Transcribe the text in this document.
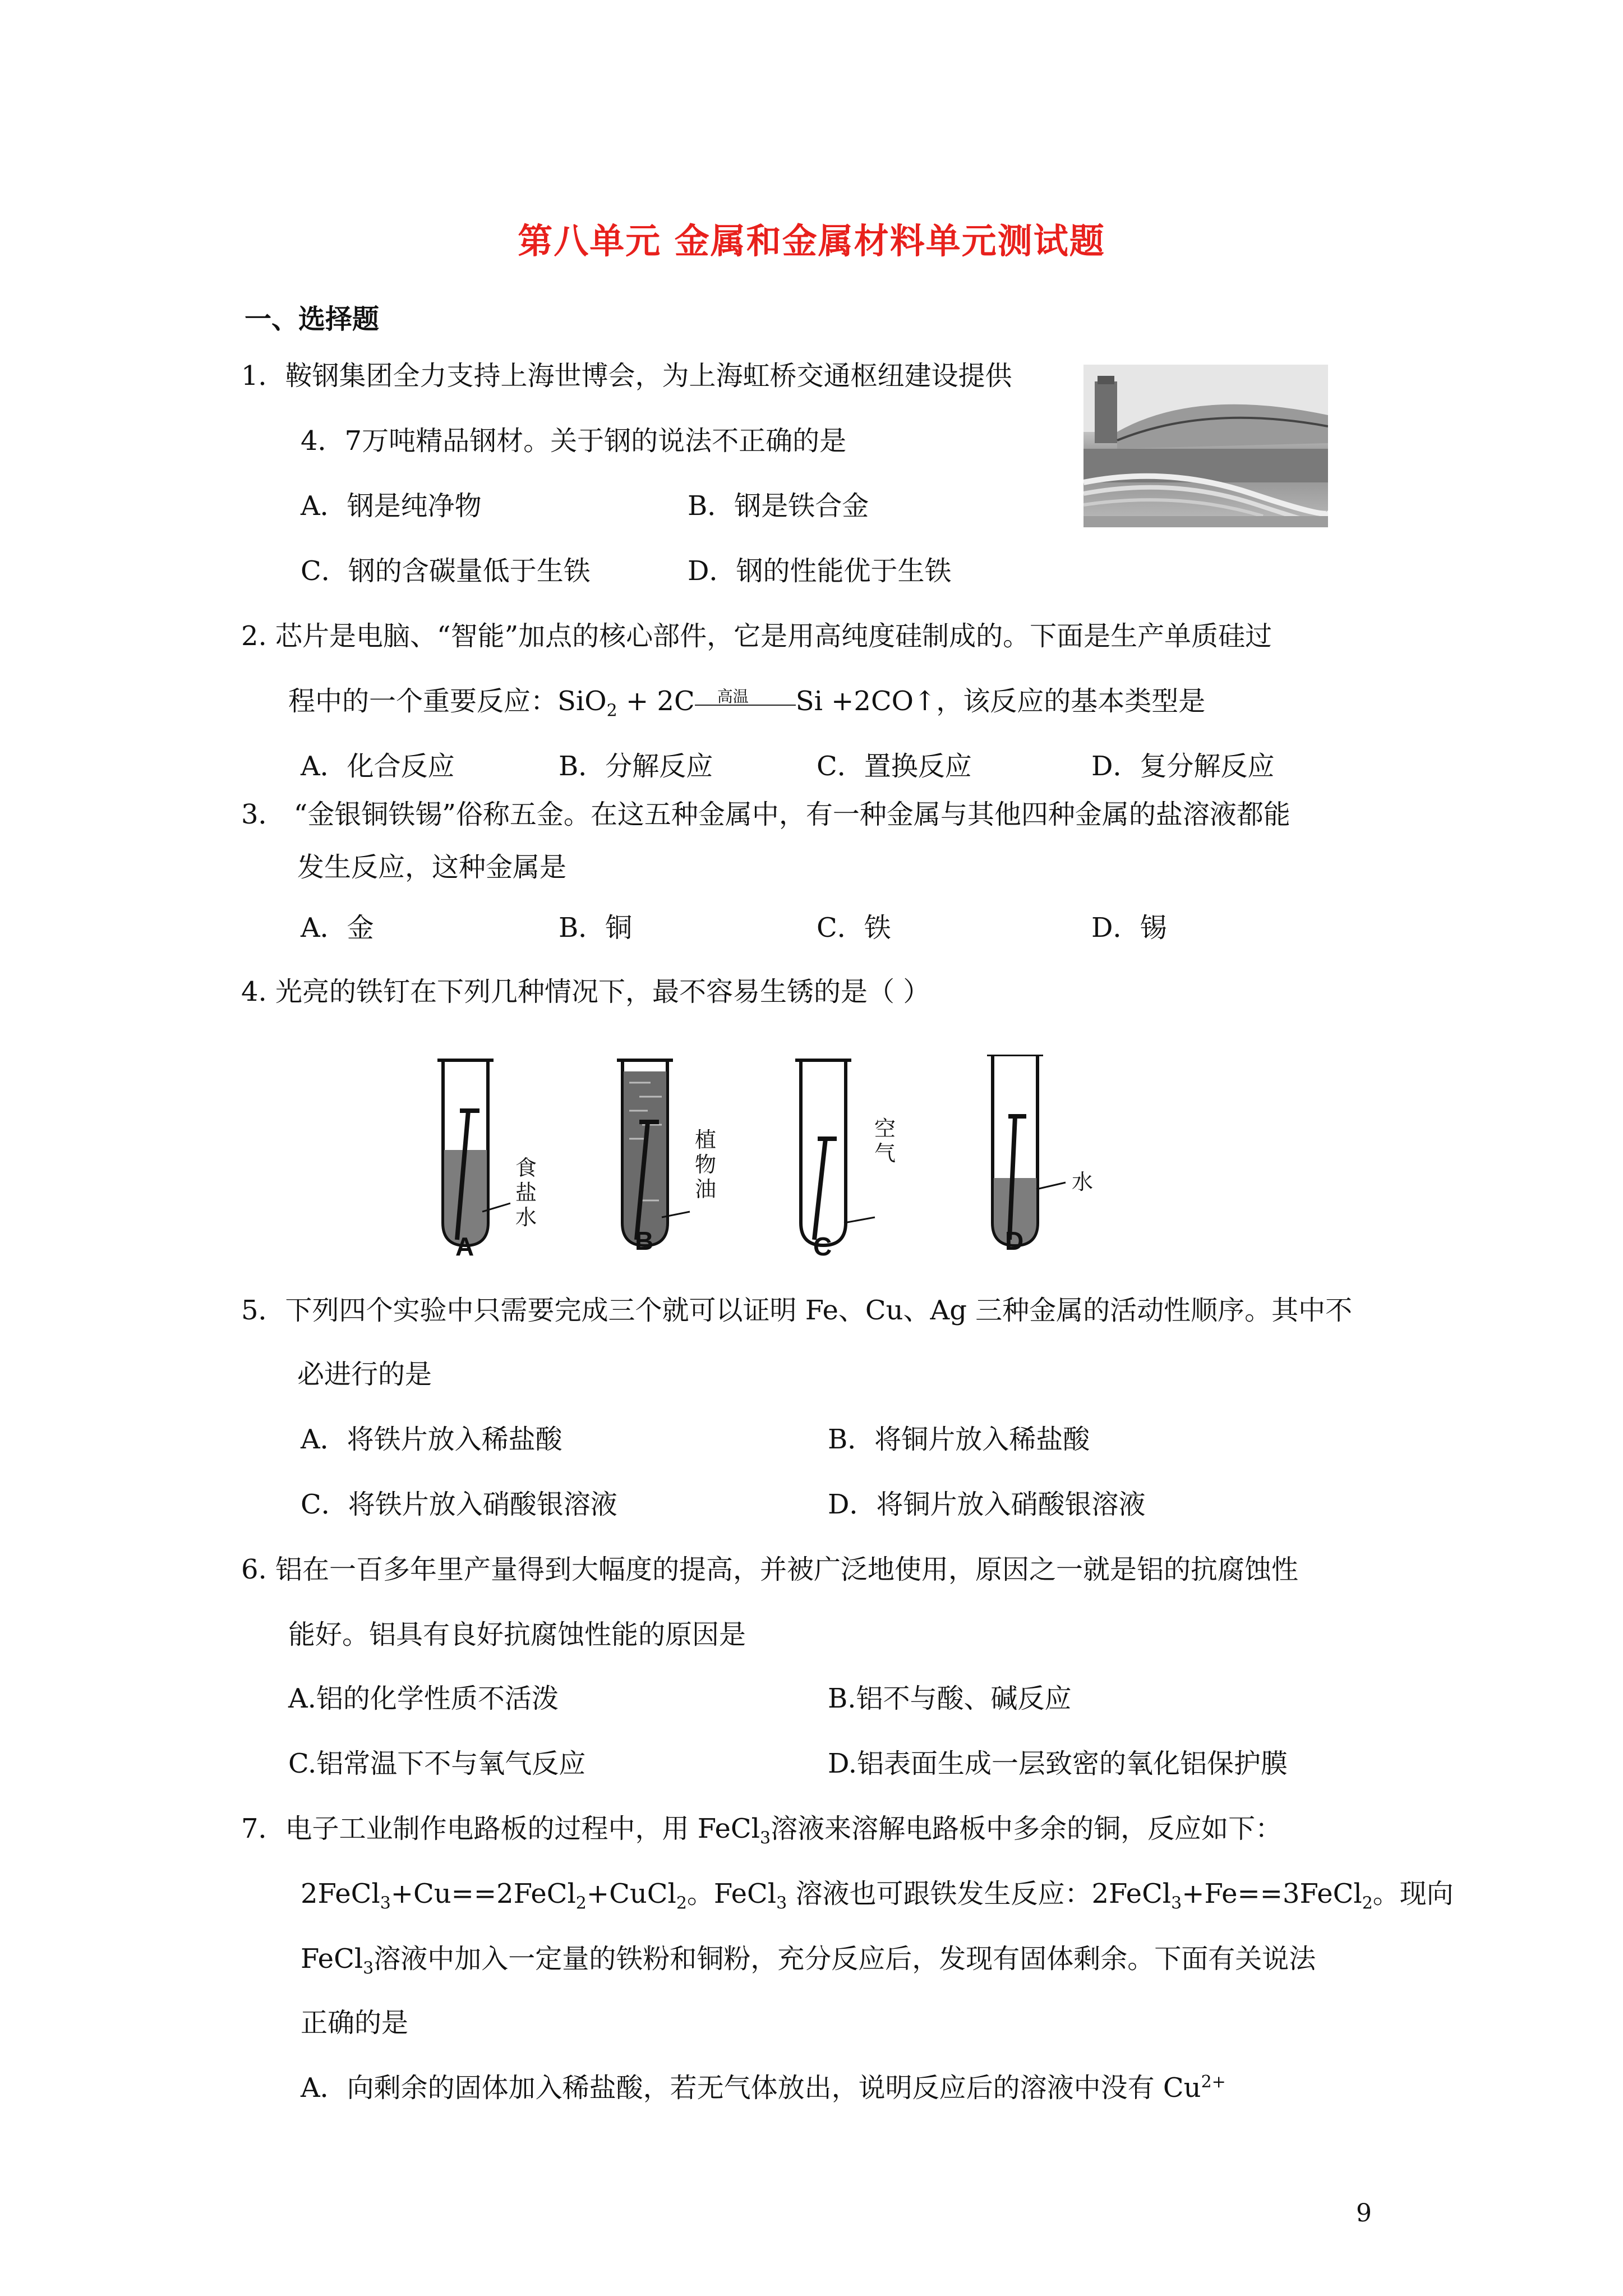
第八单元 金属和金属材料单元测试题
一、选择题
1．鞍钢集团全力支持上海世博会，为上海虹桥交通枢纽建设提供
4．7万吨精品钢材。关于钢的说法不正确的是
A．钢是纯净物	B．钢是铁合金
C．钢的含碳量低于生铁	D．钢的性能优于生铁
2. 芯片是电脑、“智能”加点的核心部件，它是用高纯度硅制成的。下面是生产单质硅过
程中的一个重要反应：SiO$_2$ + 2C 高温 Si +2CO↑，该反应的基本类型是
A．化合反应	B．分解反应	C．置换反应	D．复分解反应
3． “金银铜铁锡”俗称五金。在这五种金属中，有一种金属与其他四种金属的盐溶液都能
发生反应，这种金属是
A．金	B．铜	C．铁	D．锡
4. 光亮的铁钉在下列几种情况下，最不容易生锈的是（ ）
A	B	C	D
食
盐
水
植
物
油
空
气
水
5．下列四个实验中只需要完成三个就可以证明 Fe、Cu、Ag 三种金属的活动性顺序。其中不
必进行的是
A．将铁片放入稀盐酸	B．将铜片放入稀盐酸
C．将铁片放入硝酸银溶液	D．将铜片放入硝酸银溶液
6. 铝在一百多年里产量得到大幅度的提高，并被广泛地使用，原因之一就是铝的抗腐蚀性
能好。铝具有良好抗腐蚀性能的原因是
A.铝的化学性质不活泼	B.铝不与酸、碱反应
C.铝常温下不与氧气反应	D.铝表面生成一层致密的氧化铝保护膜
7．电子工业制作电路板的过程中，用 FeCl$_3$溶液来溶解电路板中多余的铜，反应如下：
2FeCl$_3$+Cu==2FeCl$_2$+CuCl$_2$。FeCl$_3$ 溶液也可跟铁发生反应：2FeCl$_3$+Fe==3FeCl$_2$。现向
FeCl$_3$溶液中加入一定量的铁粉和铜粉，充分反应后，发现有固体剩余。下面有关说法
正确的是
A．向剩余的固体加入稀盐酸，若无气体放出，说明反应后的溶液中没有 $Cu^{2+}$
9
